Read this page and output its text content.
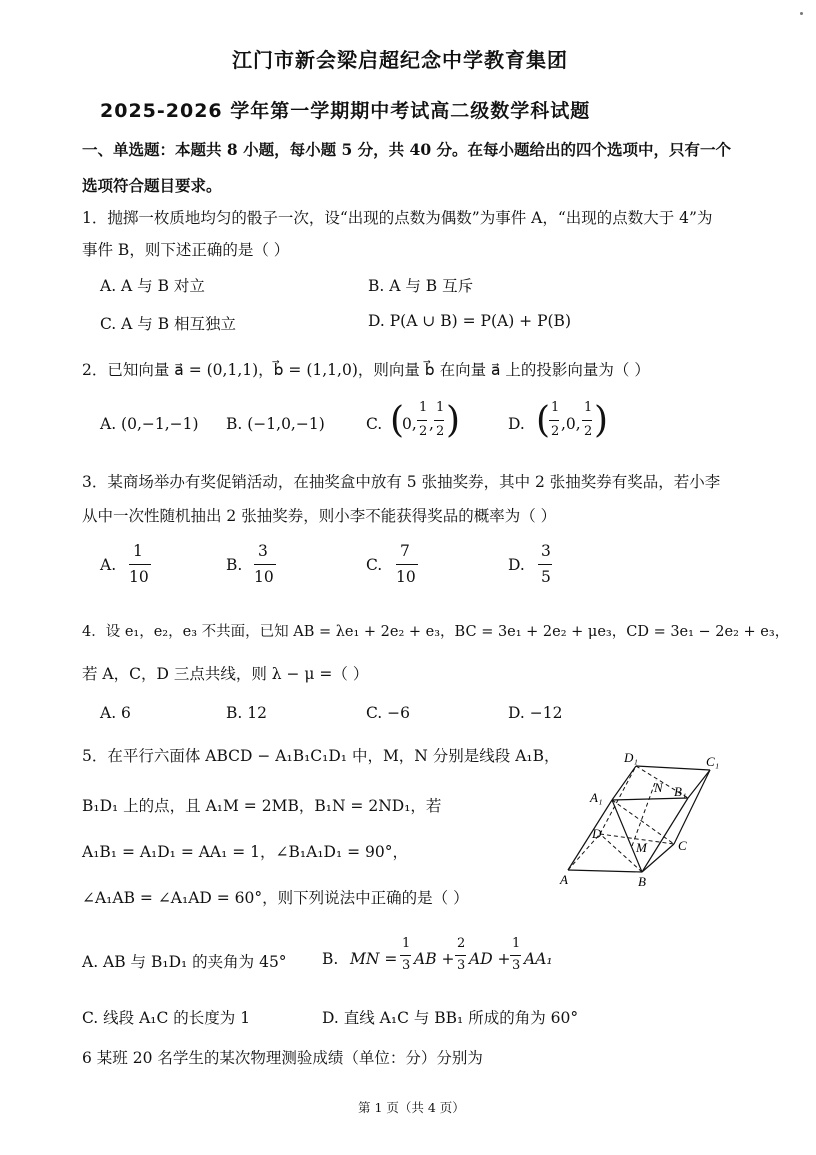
江门市新会梁启超纪念中学教育集团
2025-2026 学年第一学期期中考试高二级数学科试题
一、单选题：本题共 8 小题，每小题 5 分，共 40 分。在每小题给出的四个选项中，只有一个
选项符合题目要求。
1．抛掷一枚质地均匀的骰子一次，设“出现的点数为偶数”为事件 A，“出现的点数大于 4”为
事件 B，则下述正确的是（ ）
A. A 与 B 对立	B. A 与 B 互斥
C. A 与 B 相互独立	D. P(A ∪ B) = P(A) + P(B)
2．已知向量 a⃗ = (0,1,1)，b⃗ = (1,1,0)，则向量 b⃗ 在向量 a⃗ 上的投影向量为（ ）
A. (0,−1,−1) B. (−1,0,−1)	C. (
0,
1
2 ,
1
2 )	D. ( 1
2 ,0,
1
2 )
3．某商场举办有奖促销活动，在抽奖盒中放有 5 张抽奖券，其中 2 张抽奖券有奖品，若小李
从中一次性随机抽出 2 张抽奖券，则小李不能获得奖品的概率为（ ）
A.
1
10
B.
3
10
C.
7
10
D.
3
5
4．设 e₁，e₂，e₃ 不共面，已知 AB = λe₁ + 2e₂ + e₃，BC = 3e₁ + 2e₂ + μe₃，CD = 3e₁ − 2e₂ + e₃，
若 A，C，D 三点共线，则 λ − μ =（ ）
A. 6	B. 12	C. −6	D. −12
5．在平行六面体 ABCD − A₁B₁C₁D₁ 中，M，N 分别是线段 A₁B，
B₁D₁ 上的点，且 A₁M = 2MB，B₁N = 2ND₁，若
A₁B₁ = A₁D₁ = AA₁ = 1，∠B₁A₁D₁ = 90°，
∠A₁AB = ∠A₁AD = 60°，则下列说法中正确的是（ ）
D₁	C₁
N B₁
A₁
D
M C
A	B
A. AB 与 B₁D₁ 的夹角为 45° B. MN =
1
3 AB +
2
3 AD +
1
3 AA₁
C. 线段 A₁C 的长度为 1	D. 直线 A₁C 与 BB₁ 所成的角为 60°
6 某班 20 名学生的某次物理测验成绩（单位：分）分别为
第 1 页（共 4 页）
